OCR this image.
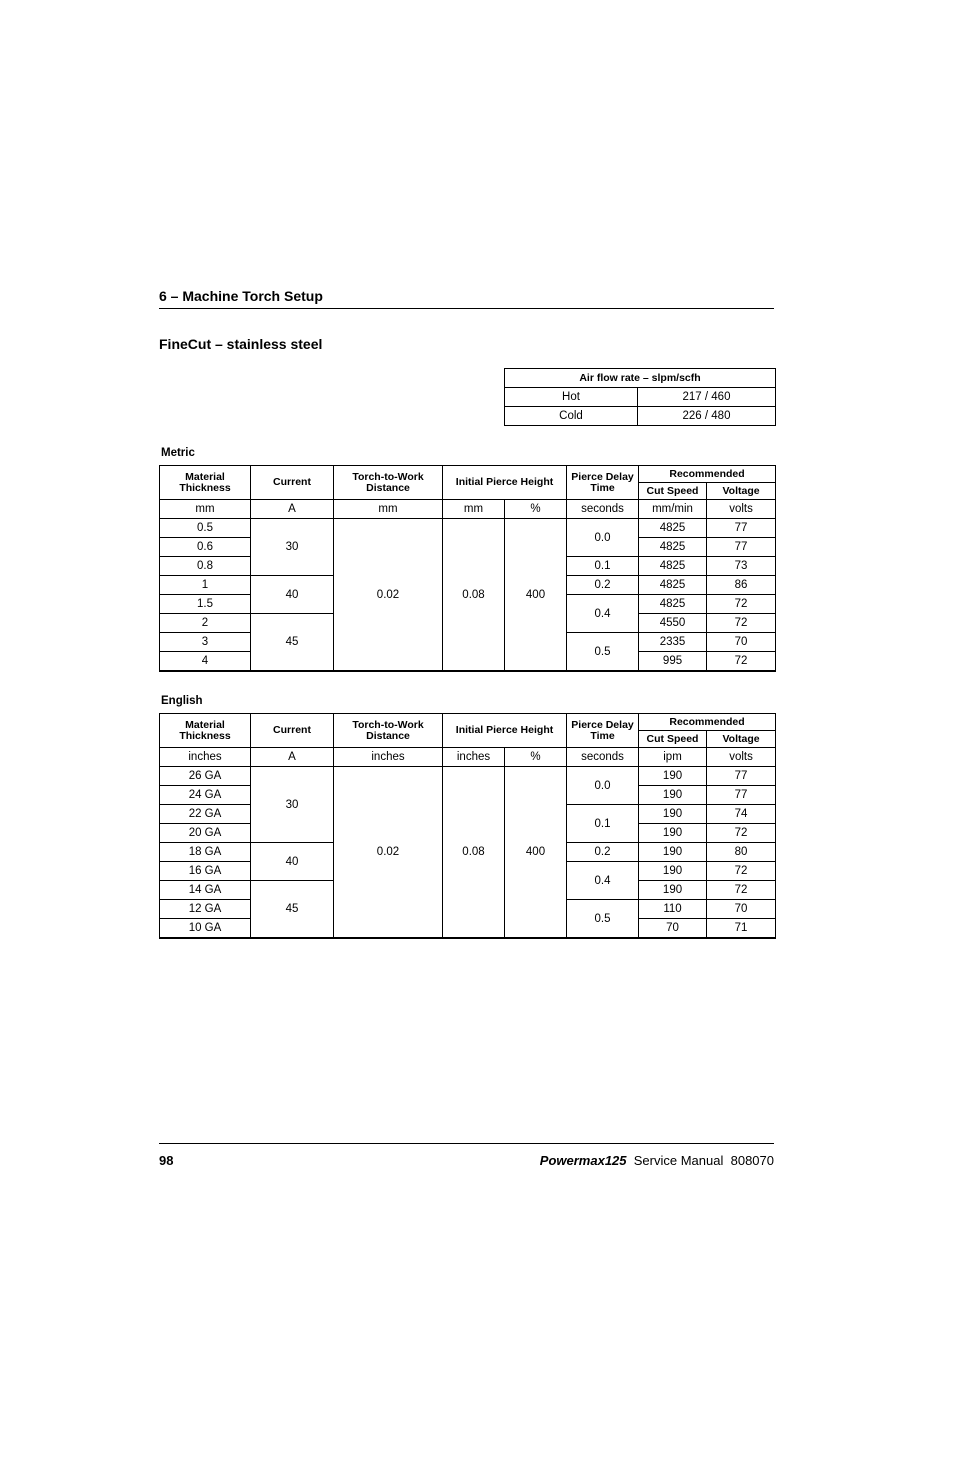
6 – Machine Torch Setup
FineCut – stainless steel
Air flow rate – slpm/scfh	
Hot	217 / 460
Cold	226 / 480
Metric
Material Thickness	Current	Torch-to-Work Distance	Initial Pierce Height		Pierce Delay Time	Recommended	
						Cut Speed	Voltage
mm	A	mm	mm	%	seconds	mm/min	volts
0.5	30	0.02	0.08	400	0.0	4825	77
0.6						4825	77
0.8					0.1	4825	73
1	40				0.2	4825	86
1.5					0.4	4825	72
2	45					4550	72
3					0.5	2335	70
4						995	72
English
Material Thickness	Current	Torch-to-Work Distance	Initial Pierce Height		Pierce Delay Time	Recommended	
						Cut Speed	Voltage
inches	A	inches	inches	%	seconds	ipm	volts
26 GA	30	0.02	0.08	400	0.0	190	77
24 GA						190	77
22 GA					0.1	190	74
20 GA						190	72
18 GA	40				0.2	190	80
16 GA					0.4	190	72
14 GA	45					190	72
12 GA					0.5	110	70
10 GA						70	71
98	Powermax125 Service Manual 808070
